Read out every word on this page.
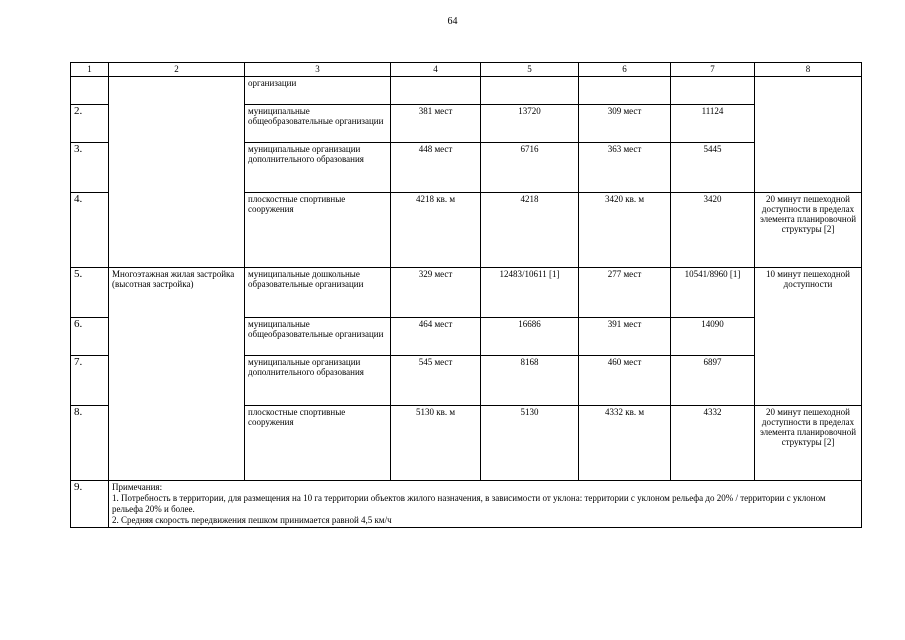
64
1	2	3	4	5	6	7	8
		организации					
2.		муниципальные общеобразовательные организации	381 мест	13720	309 мест	11124	
3.		муниципальные организации дополнительного образования	448 мест	6716	363 мест	5445	
4.		плоскостные спортивные сооружения	4218 кв. м	4218	3420 кв. м	3420	20 минут пешеходной доступности в пределах элемента планировочной структуры [2]
5.	Многоэтажная жилая застройка (высотная застройка)	муниципальные дошкольные образовательные организации	329 мест	12483/10611 [1]	277 мест	10541/8960 [1]	10 минут пешеходной доступности
6.		муниципальные общеобразовательные организации	464 мест	16686	391 мест	14090	
7.		муниципальные организации дополнительного образования	545 мест	8168	460 мест	6897	
8.		плоскостные спортивные сооружения	5130 кв. м	5130	4332 кв. м	4332	20 минут пешеходной доступности в пределах элемента планировочной структуры [2]
9.	Примечания:
1. Потребность в территории, для размещения на 10 га территории объектов жилого назначения, в зависимости от уклона: территории с уклоном рельефа до 20% / территории с уклоном рельефа 20% и более.
2. Средняя скорость передвижения пешком принимается равной 4,5 км/ч						
